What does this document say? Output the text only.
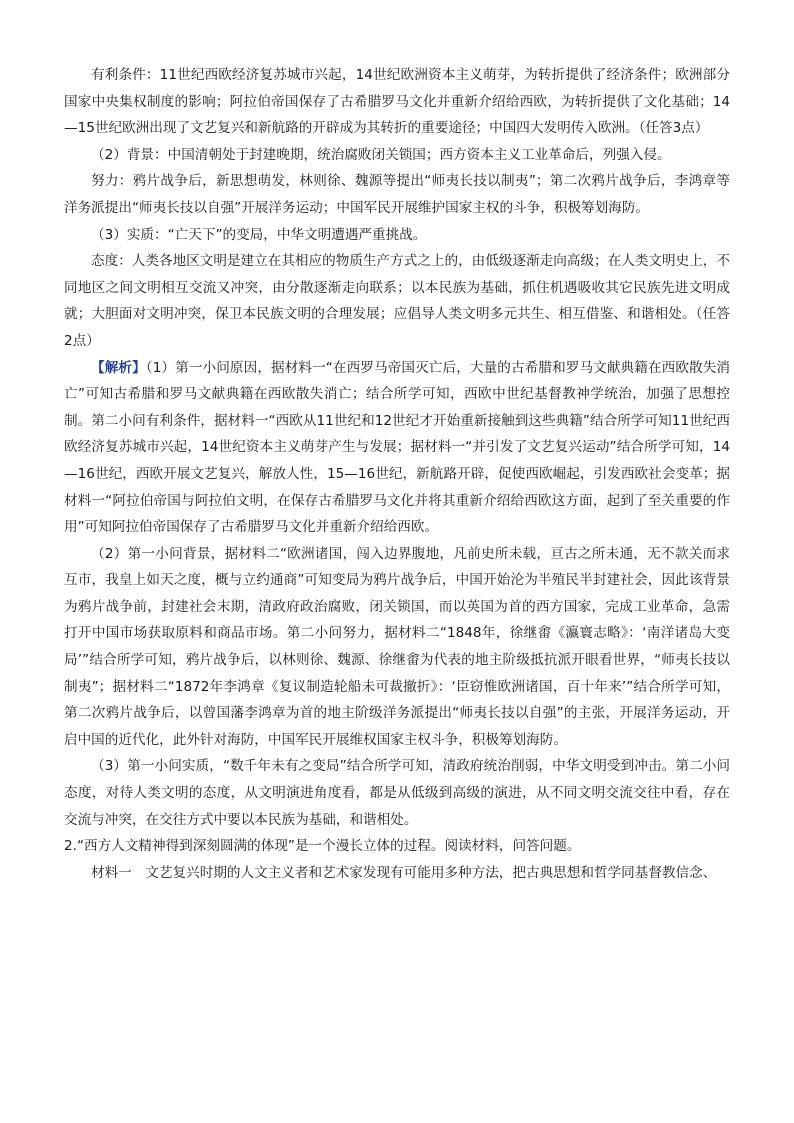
有利条件：11世纪西欧经济复苏城市兴起，14世纪欧洲资本主义萌芽，为转折提供了经济条件；欧洲部分国家中央集权制度的影响；阿拉伯帝国保存了古希腊罗马文化并重新介绍给西欧，为转折提供了文化基础；14—15世纪欧洲出现了文艺复兴和新航路的开辟成为其转折的重要途径；中国四大发明传入欧洲。（任答3点）

（2）背景：中国清朝处于封建晚期，统治腐败闭关锁国；西方资本主义工业革命后，列强入侵。

努力：鸦片战争后，新思想萌发，林则徐、魏源等提出“师夷长技以制夷”；第二次鸦片战争后，李鸿章等洋务派提出“师夷长技以自强”开展洋务运动；中国军民开展维护国家主权的斗争，积极筹划海防。

（3）实质：“亡天下”的变局，中华文明遭遇严重挑战。

态度：人类各地区文明是建立在其相应的物质生产方式之上的，由低级逐渐走向高级；在人类文明史上，不同地区之间文明相互交流又冲突，由分散逐渐走向联系；以本民族为基础，抓住机遇吸收其它民族先进文明成就；大胆面对文明冲突，保卫本民族文明的合理发展；应倡导人类文明多元共生、相互借鉴、和谐相处。（任答2点）

【解析】（1）第一小问原因，据材料一“在西罗马帝国灭亡后，大量的古希腊和罗马文献典籍在西欧散失消亡”可知古希腊和罗马文献典籍在西欧散失消亡；结合所学可知，西欧中世纪基督教神学统治，加强了思想控制。第二小问有利条件，据材料一“西欧从11世纪和12世纪才开始重新接触到这些典籍”结合所学可知11世纪西欧经济复苏城市兴起，14世纪资本主义萌芽产生与发展；据材料一“并引发了文艺复兴运动”结合所学可知，14—16世纪，西欧开展文艺复兴，解放人性，15—16世纪，新航路开辟，促使西欧崛起，引发西欧社会变革；据材料一“阿拉伯帝国与阿拉伯文明，在保存古希腊罗马文化并将其重新介绍给西欧这方面，起到了至关重要的作用”可知阿拉伯帝国保存了古希腊罗马文化并重新介绍给西欧。

（2）第一小问背景，据材料二“欧洲诸国，闯入边界腹地，凡前史所未载，亘古之所未通，无不款关而求互市，我皇上如天之度，概与立约通商”可知变局为鸦片战争后，中国开始沦为半殖民半封建社会，因此该背景为鸦片战争前，封建社会末期，清政府政治腐败，闭关锁国，而以英国为首的西方国家，完成工业革命，急需打开中国市场获取原料和商品市场。第二小问努力，据材料二“1848年，徐继畬《瀛寰志略》：‘南洋诸岛大变局’”结合所学可知，鸦片战争后，以林则徐、魏源、徐继畬为代表的地主阶级抵抗派开眼看世界，“师夷长技以制夷”；据材料二“1872年李鸿章《复议制造轮船未可裁撤折》：‘臣窃惟欧洲诸国，百十年来’”结合所学可知，第二次鸦片战争后，以曾国藩李鸿章为首的地主阶级洋务派提出“师夷长技以自强”的主张，开展洋务运动，开启中国的近代化，此外针对海防，中国军民开展维权国家主权斗争，积极筹划海防。

（3）第一小问实质，“数千年未有之变局”结合所学可知，清政府统治削弱，中华文明受到冲击。第二小问态度，对待人类文明的态度，从文明演进角度看，都是从低级到高级的演进，从不同文明交流交往中看，存在交流与冲突，在交往方式中要以本民族为基础，和谐相处。

2.“西方人文精神得到深刻圆满的体现”是一个漫长立体的过程。阅读材料，问答问题。

材料一　文艺复兴时期的人文主义者和艺术家发现有可能用多种方法，把古典思想和哲学同基督教信念、
